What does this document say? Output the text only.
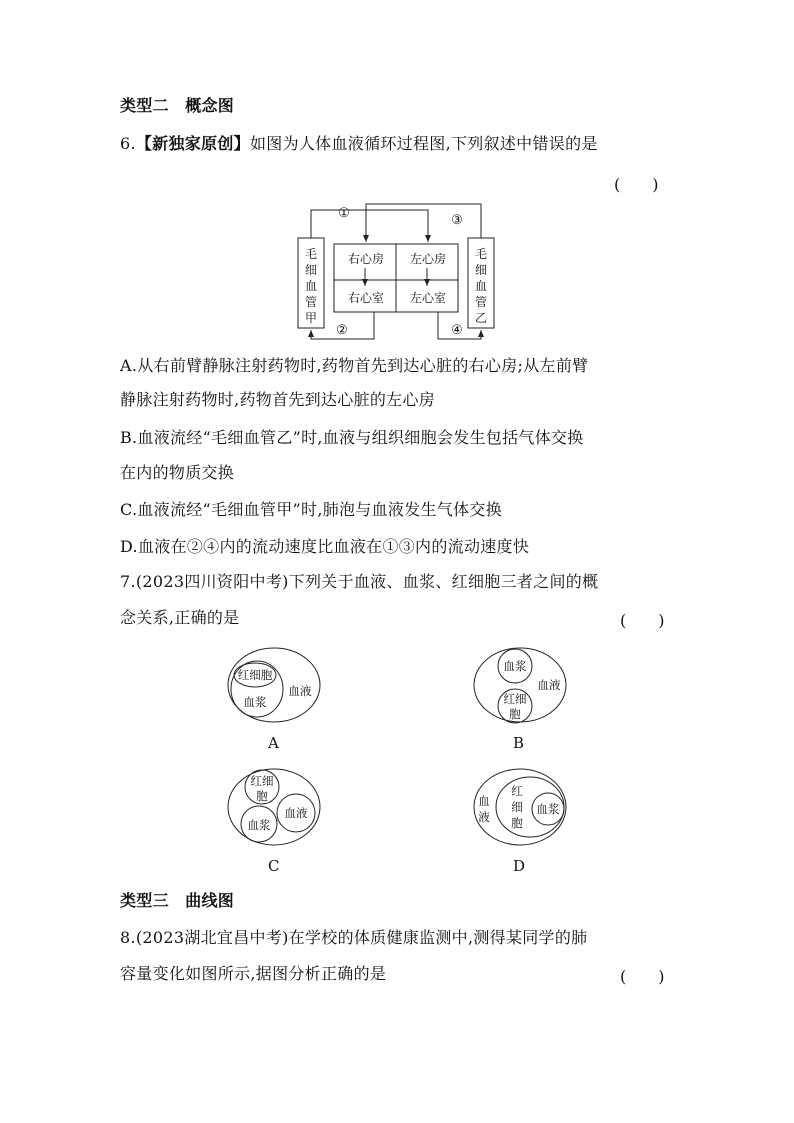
类型二　概念图
6.【新独家原创】如图为人体血液循环过程图,下列叙述中错误的是
(　　)
毛
细
血
管
甲
毛
细
血
管
乙
右心房 左心房
右心室 左心室
①	③
②	④
A.从右前臂静脉注射药物时,药物首先到达心脏的右心房;从左前臂
静脉注射药物时,药物首先到达心脏的左心房
B.血液流经“毛细血管乙”时,血液与组织细胞会发生包括气体交换
在内的物质交换
C.血液流经“毛细血管甲”时,肺泡与血液发生气体交换
D.血液在②④内的流动速度比血液在①③内的流动速度快
7.(2023四川资阳中考)下列关于血液、血浆、红细胞三者之间的概
念关系,正确的是	(　　)
红细胞
血浆
血液
A
血浆
血液
红细
胞
B
红细
胞
血浆
血液
C
血
液
红
细
胞
血浆
D
类型三　曲线图
8.(2023湖北宜昌中考)在学校的体质健康监测中,测得某同学的肺
容量变化如图所示,据图分析正确的是	(　　)
